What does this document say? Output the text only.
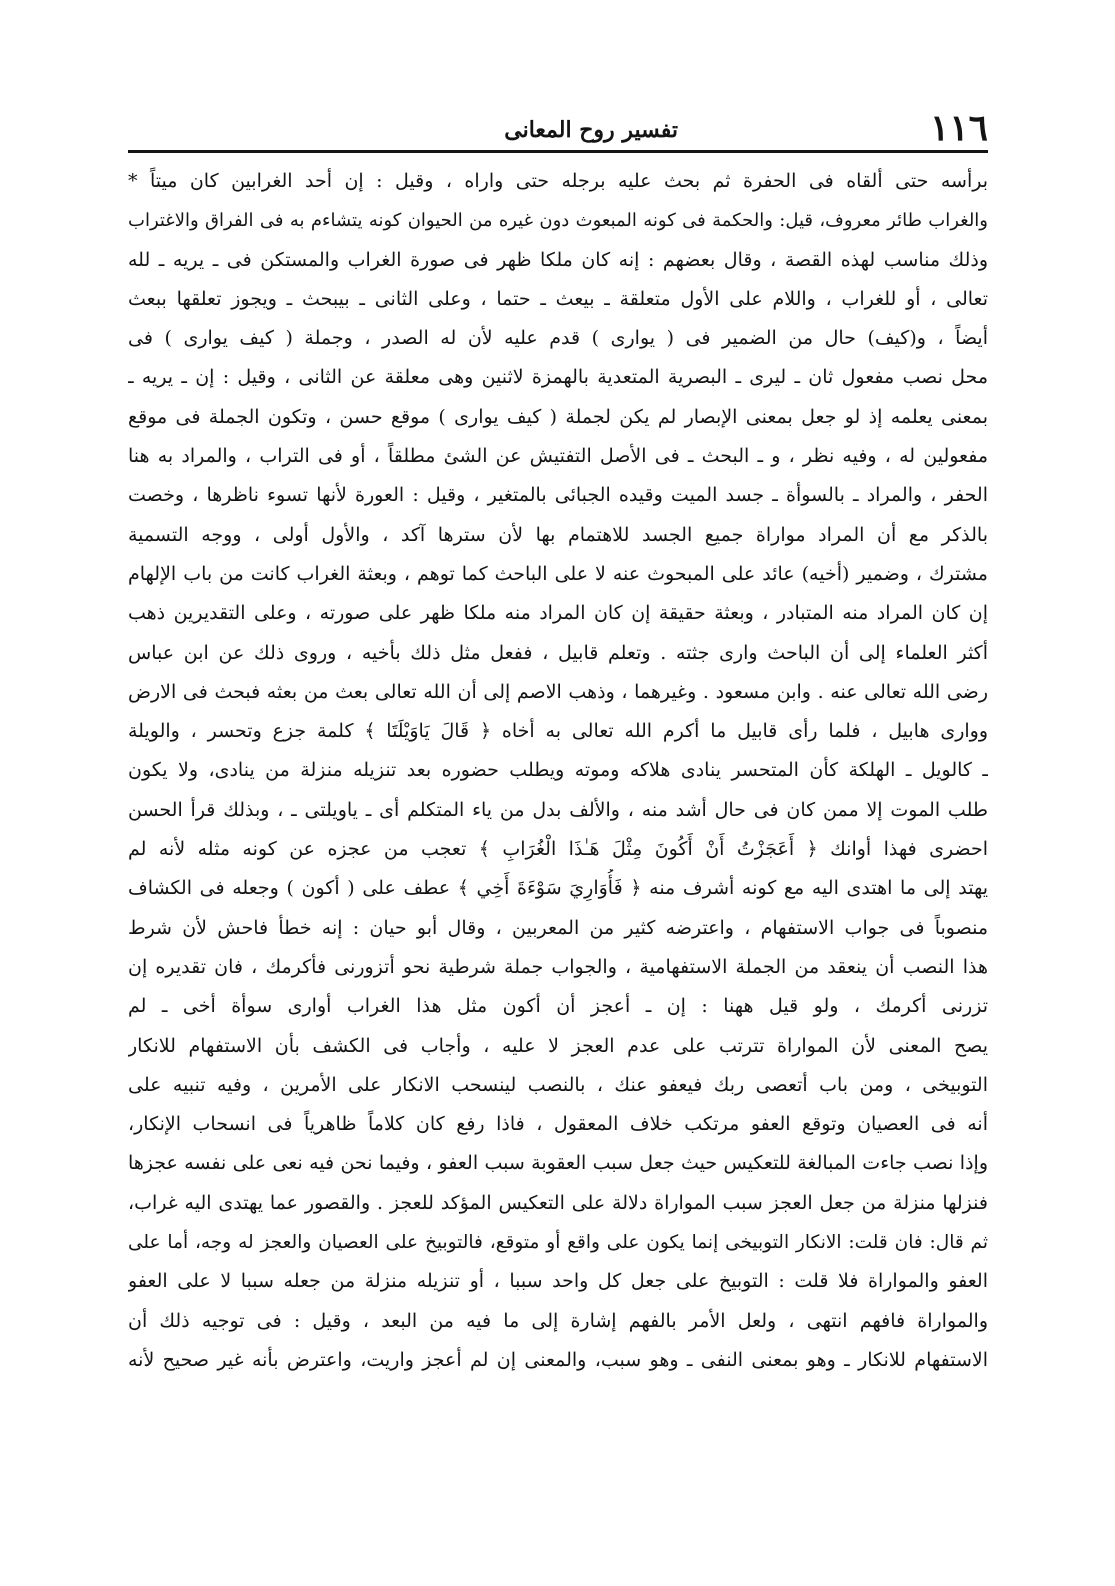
١١٦
تفسير روح المعانى
برأسه حتى ألقاه فى الحفرة ثم بحث عليه برجله حتى واراه ، وقيل : إن أحد الغرابين كان ميتاً *
والغراب طائر معروف، قيل: والحكمة فى كونه المبعوث دون غيره من الحيوان كونه يتشاءم به فى الفراق والاغتراب
وذلك مناسب لهذه القصة ، وقال بعضهم : إنه كان ملكا ظهر فى صورة الغراب والمستكن فى ـ يريه ـ لله
تعالى ، أو للغراب ، واللام على الأول متعلقة ـ بيعث ـ حتما ، وعلى الثانى ـ بيبحث ـ ويجوز تعلقها ببعث
أيضاً ، و(كيف) حال من الضمير فى ( يوارى ) قدم عليه لأن له الصدر ، وجملة ( كيف يوارى ) فى
محل نصب مفعول ثان ـ ليرى ـ البصرية المتعدية بالهمزة لاثنين وهى معلقة عن الثانى ، وقيل : إن ـ يريه ـ
بمعنى يعلمه إذ لو جعل بمعنى الإبصار لم يكن لجملة ( كيف يوارى ) موقع حسن ، وتكون الجملة فى موقع
مفعولين له ، وفيه نظر ، و ـ البحث ـ فى الأصل التفتيش عن الشئ مطلقاً ، أو فى التراب ، والمراد به هنا
الحفر ، والمراد ـ بالسوأة ـ جسد الميت وقيده الجبائى بالمتغير ، وقيل : العورة لأنها تسوء ناظرها ، وخصت
بالذكر مع أن المراد مواراة جميع الجسد للاهتمام بها لأن سترها آكد ، والأول أولى ، ووجه التسمية
مشترك ، وضمير (أخيه) عائد على المبحوث عنه لا على الباحث كما توهم ، وبعثة الغراب كانت من باب الإلهام
إن كان المراد منه المتبادر ، وبعثة حقيقة إن كان المراد منه ملكا ظهر على صورته ، وعلى التقديرين ذهب
أكثر العلماء إلى أن الباحث وارى جثته . وتعلم قابيل ، ففعل مثل ذلك بأخيه ، وروى ذلك عن ابن عباس
رضى الله تعالى عنه . وابن مسعود . وغيرهما ، وذهب الاصم إلى أن الله تعالى بعث من بعثه فبحث فى الارض
ووارى هابيل ، فلما رأى قابيل ما أكرم الله تعالى به أخاه ﴿ قَالَ يَاوَيْلَتَا ﴾ كلمة جزع وتحسر ، والويلة
ـ كالويل ـ الهلكة كأن المتحسر ينادى هلاكه وموته ويطلب حضوره بعد تنزيله منزلة من ينادى، ولا يكون
طلب الموت إلا ممن كان فى حال أشد منه ، والألف بدل من ياء المتكلم أى ـ ياويلتى ـ ، وبذلك قرأ الحسن
احضرى فهذا أوانك ﴿ أَعَجَزْتُ أَنْ أَكُونَ مِثْلَ هَـٰذَا الْغُرَابِ ﴾ تعجب من عجزه عن كونه مثله لأنه لم
يهتد إلى ما اهتدى اليه مع كونه أشرف منه ﴿ فَأُوَارِيَ سَوْءَةَ أَخِي ﴾ عطف على ( أكون ) وجعله فى الكشاف
منصوباً فى جواب الاستفهام ، واعترضه كثير من المعربين ، وقال أبو حيان : إنه خطأ فاحش لأن شرط
هذا النصب أن ينعقد من الجملة الاستفهامية ، والجواب جملة شرطية نحو أتزورنى فأكرمك ، فان تقديره إن
تزرنى أكرمك ، ولو قيل ههنا : إن ـ أعجز أن أكون مثل هذا الغراب أوارى سوأة أخى ـ لم
يصح المعنى لأن المواراة تترتب على عدم العجز لا عليه ، وأجاب فى الكشف بأن الاستفهام للانكار
التوبيخى ، ومن باب أتعصى ربك فيعفو عنك ، بالنصب لينسحب الانكار على الأمرين ، وفيه تنبيه على
أنه فى العصيان وتوقع العفو مرتكب خلاف المعقول ، فاذا رفع كان كلاماً ظاهرياً فى انسحاب الإنكار،
وإذا نصب جاءت المبالغة للتعكيس حيث جعل سبب العقوبة سبب العفو ، وفيما نحن فيه نعى على نفسه عجزها
فنزلها منزلة من جعل العجز سبب المواراة دلالة على التعكيس المؤكد للعجز . والقصور عما يهتدى اليه غراب،
ثم قال: فان قلت: الانكار التوبيخى إنما يكون على واقع أو متوقع، فالتوبيخ على العصيان والعجز له وجه، أما على
العفو والمواراة فلا قلت : التوبيخ على جعل كل واحد سببا ، أو تنزيله منزلة من جعله سببا لا على العفو
والمواراة فافهم انتهى ، ولعل الأمر بالفهم إشارة إلى ما فيه من البعد ، وقيل : فى توجيه ذلك أن
الاستفهام للانكار ـ وهو بمعنى النفى ـ وهو سبب، والمعنى إن لم أعجز واريت، واعترض بأنه غير صحيح لأنه
